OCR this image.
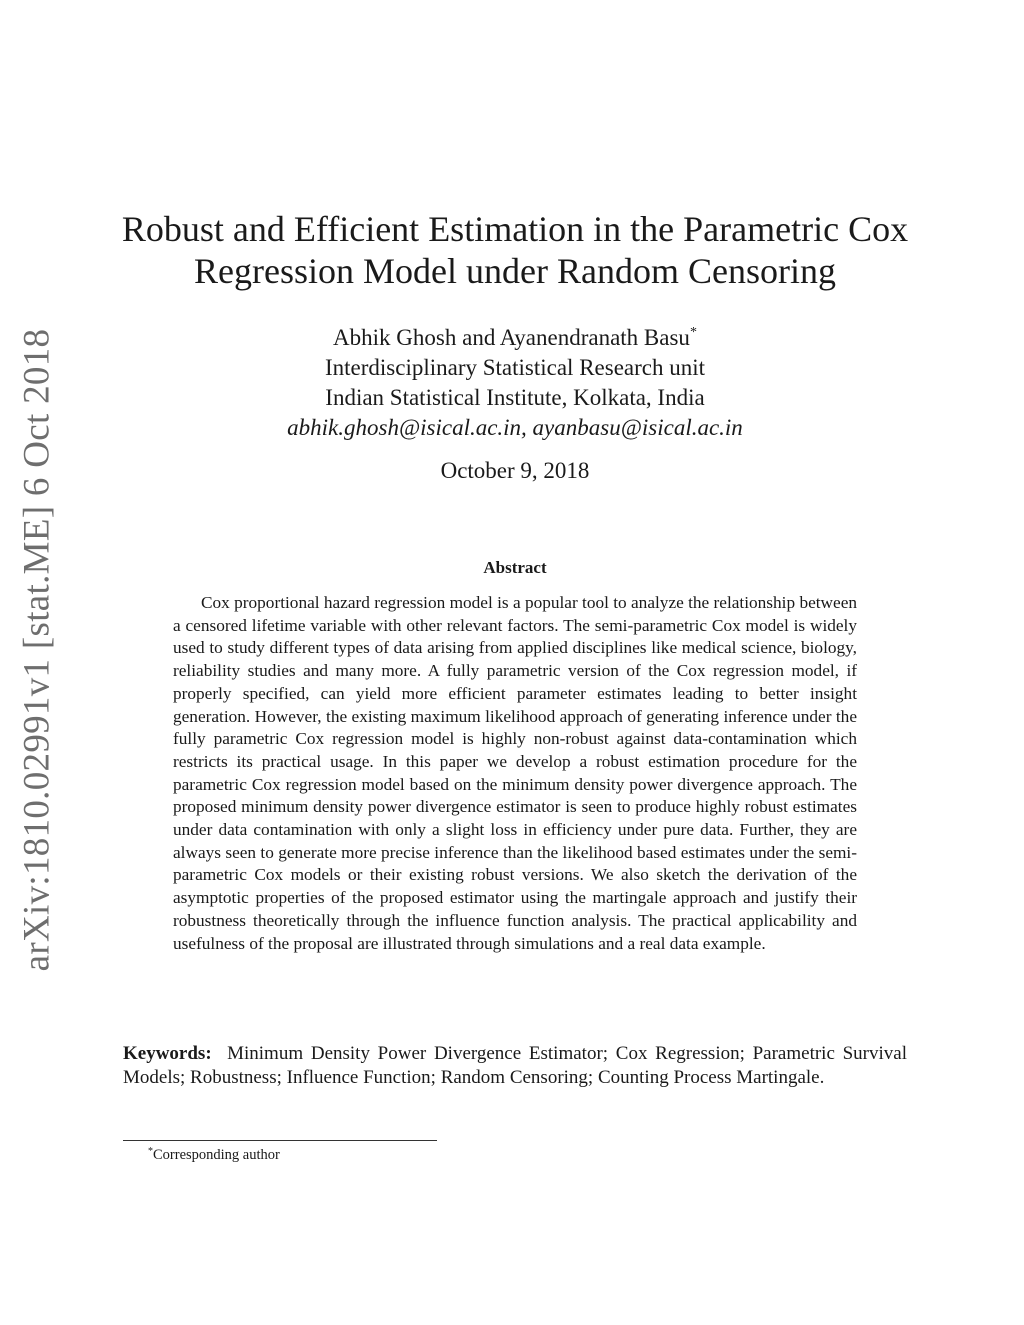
arXiv:1810.02991v1 [stat.ME] 6 Oct 2018
Robust and Efficient Estimation in the Parametric Cox
Regression Model under Random Censoring
Abhik Ghosh and Ayanendranath Basu*
Interdisciplinary Statistical Research unit
Indian Statistical Institute, Kolkata, India
abhik.ghosh@isical.ac.in, ayanbasu@isical.ac.in
October 9, 2018
Abstract

Cox proportional hazard regression model is a popular tool to analyze the relationship between a censored lifetime variable with other relevant factors. The semi-parametric Cox model is widely used to study different types of data arising from applied disciplines like medical science, biology, reliability studies and many more. A fully parametric version of the Cox regression model, if properly specified, can yield more efficient parameter estimates leading to better insight generation. However, the existing maximum likelihood approach of generating inference under the fully parametric Cox regression model is highly non-robust against data-contamination which restricts its practical usage. In this paper we develop a robust estimation procedure for the parametric Cox regression model based on the minimum density power divergence approach. The proposed minimum density power divergence estimator is seen to produce highly robust estimates under data contamination with only a slight loss in efficiency under pure data. Further, they are always seen to generate more precise inference than the likelihood based estimates under the semi-parametric Cox models or their existing robust versions. We also sketch the derivation of the asymptotic properties of the proposed estimator using the martingale approach and justify their robustness theoretically through the influence function analysis. The practical applicability and usefulness of the proposal are illustrated through simulations and a real data example.

Keywords: Minimum Density Power Divergence Estimator; Cox Regression; Parametric Survival Models; Robustness; Influence Function; Random Censoring; Counting Process Martingale.

*Corresponding author
